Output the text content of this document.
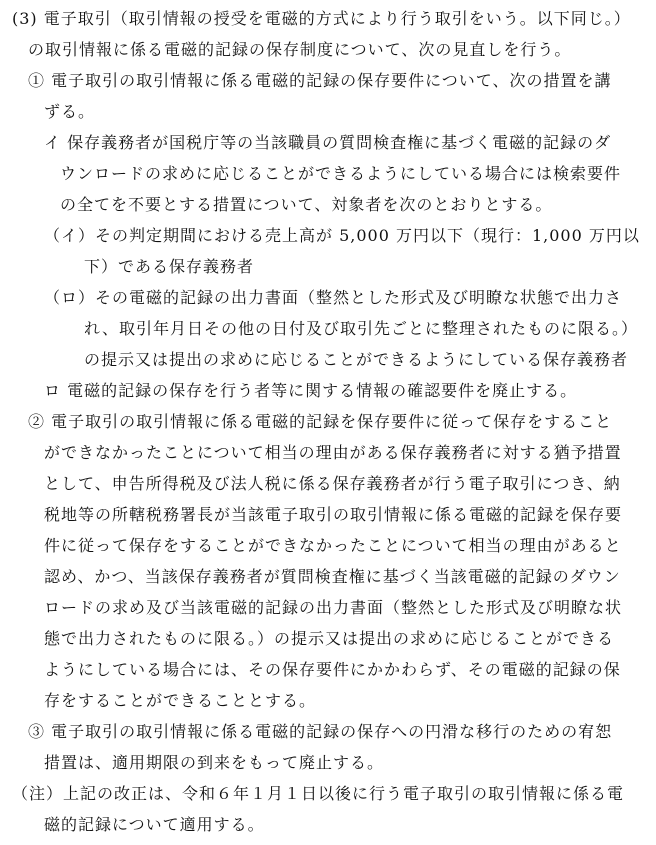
(3) 電子取引（取引情報の授受を電磁的方式により行う取引をいう。以下同じ。）
の取引情報に係る電磁的記録の保存制度について、次の見直しを行う。
① 電子取引の取引情報に係る電磁的記録の保存要件について、次の措置を講
ずる。
イ 保存義務者が国税庁等の当該職員の質問検査権に基づく電磁的記録のダ
ウンロードの求めに応じることができるようにしている場合には検索要件
の全てを不要とする措置について、対象者を次のとおりとする。
（イ）その判定期間における売上高が 5,000 万円以下（現行：1,000 万円以
下）である保存義務者
（ロ）その電磁的記録の出力書面（整然とした形式及び明瞭な状態で出力さ
れ、取引年月日その他の日付及び取引先ごとに整理されたものに限る。）
の提示又は提出の求めに応じることができるようにしている保存義務者
ロ 電磁的記録の保存を行う者等に関する情報の確認要件を廃止する。
② 電子取引の取引情報に係る電磁的記録を保存要件に従って保存をすること
ができなかったことについて相当の理由がある保存義務者に対する猶予措置
として、申告所得税及び法人税に係る保存義務者が行う電子取引につき、納
税地等の所轄税務署長が当該電子取引の取引情報に係る電磁的記録を保存要
件に従って保存をすることができなかったことについて相当の理由があると
認め、かつ、当該保存義務者が質問検査権に基づく当該電磁的記録のダウン
ロードの求め及び当該電磁的記録の出力書面（整然とした形式及び明瞭な状
態で出力されたものに限る。）の提示又は提出の求めに応じることができる
ようにしている場合には、その保存要件にかかわらず、その電磁的記録の保
存をすることができることとする。
③ 電子取引の取引情報に係る電磁的記録の保存への円滑な移行のための宥恕
措置は、適用期限の到来をもって廃止する。
（注）上記の改正は、令和６年１月１日以後に行う電子取引の取引情報に係る電
磁的記録について適用する。
